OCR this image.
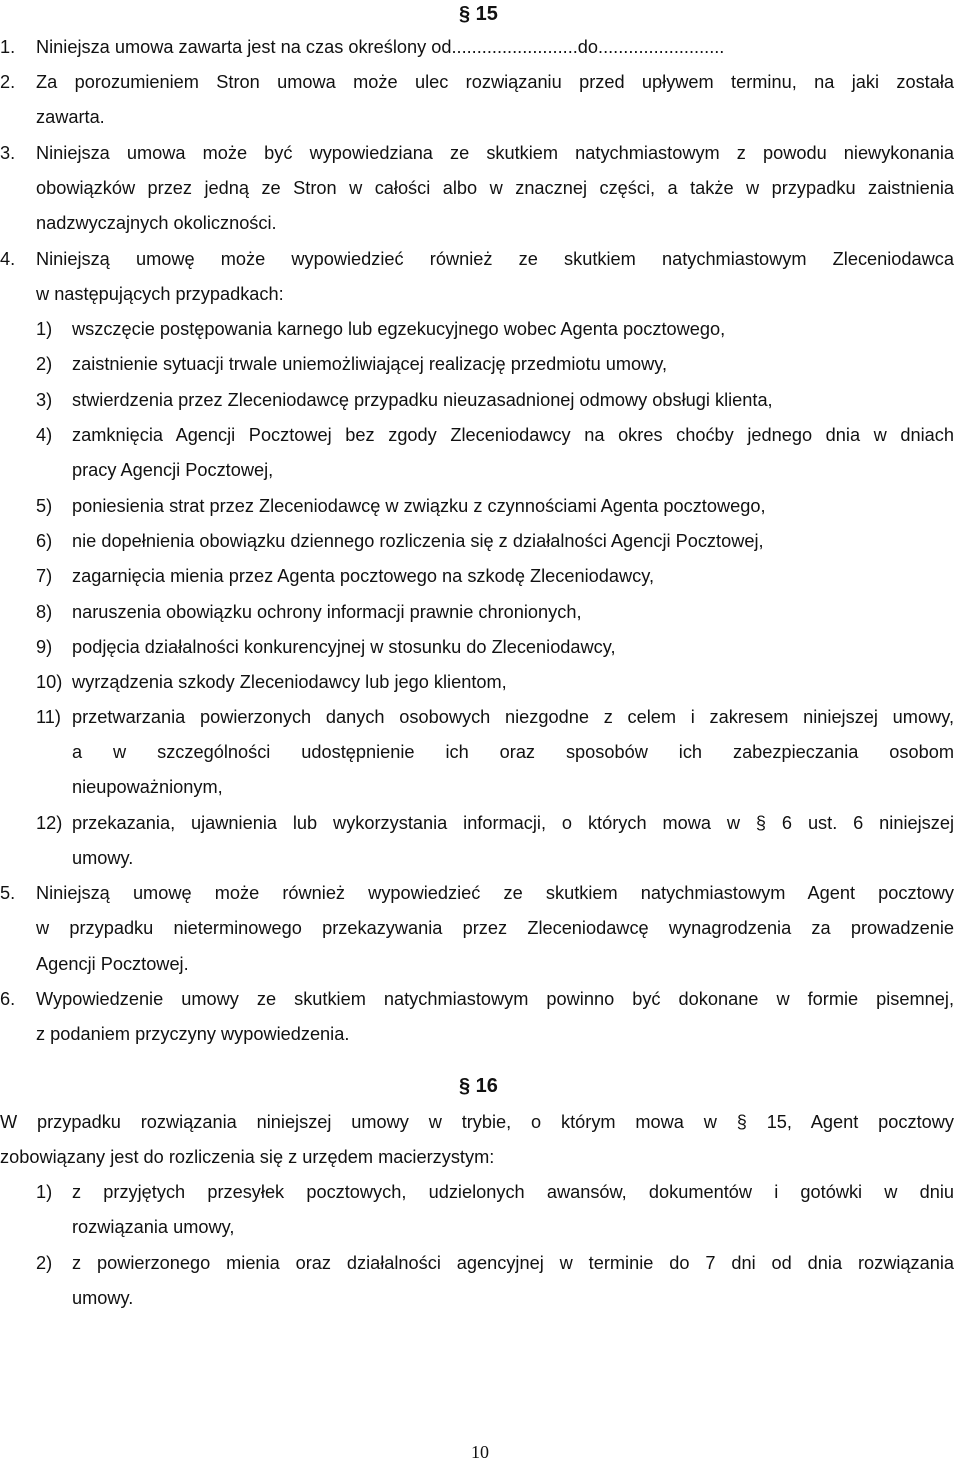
§ 15
1. Niniejsza umowa zawarta jest na czas określony od.........................do.........................
2. Za porozumieniem Stron umowa może ulec rozwiązaniu przed upływem terminu, na jaki została
zawarta.
3. Niniejsza umowa może być wypowiedziana ze skutkiem natychmiastowym z powodu niewykonania
obowiązków przez jedną ze Stron w całości albo w znacznej części, a także w przypadku zaistnienia
nadzwyczajnych okoliczności.
4. Niniejszą umowę może wypowiedzieć również ze skutkiem natychmiastowym Zleceniodawca
w następujących przypadkach:
1) wszczęcie postępowania karnego lub egzekucyjnego wobec Agenta pocztowego,
2) zaistnienie sytuacji trwale uniemożliwiającej realizację przedmiotu umowy,
3) stwierdzenia przez Zleceniodawcę przypadku nieuzasadnionej odmowy obsługi klienta,
4) zamknięcia Agencji Pocztowej bez zgody Zleceniodawcy na okres choćby jednego dnia w dniach
pracy Agencji Pocztowej,
5) poniesienia strat przez Zleceniodawcę w związku z czynnościami Agenta pocztowego,
6) nie dopełnienia obowiązku dziennego rozliczenia się z działalności Agencji Pocztowej,
7) zagarnięcia mienia przez Agenta pocztowego na szkodę Zleceniodawcy,
8) naruszenia obowiązku ochrony informacji prawnie chronionych,
9) podjęcia działalności konkurencyjnej w stosunku do Zleceniodawcy,
10) wyrządzenia szkody Zleceniodawcy lub jego klientom,
11) przetwarzania powierzonych danych osobowych niezgodne z celem i zakresem niniejszej umowy,
a w szczególności udostępnienie ich oraz sposobów ich zabezpieczania osobom
nieupoważnionym,
12) przekazania, ujawnienia lub wykorzystania informacji, o których mowa w § 6 ust. 6 niniejszej
umowy.
5. Niniejszą umowę może również wypowiedzieć ze skutkiem natychmiastowym Agent pocztowy
w przypadku nieterminowego przekazywania przez Zleceniodawcę wynagrodzenia za prowadzenie
Agencji Pocztowej.
6. Wypowiedzenie umowy ze skutkiem natychmiastowym powinno być dokonane w formie pisemnej,
z podaniem przyczyny wypowiedzenia.
§ 16
W przypadku rozwiązania niniejszej umowy w trybie, o którym mowa w § 15, Agent pocztowy
zobowiązany jest do rozliczenia się z urzędem macierzystym:
1) z przyjętych przesyłek pocztowych, udzielonych awansów, dokumentów i gotówki w dniu
rozwiązania umowy,
2) z powierzonego mienia oraz działalności agencyjnej w terminie do 7 dni od dnia rozwiązania
umowy.
10
